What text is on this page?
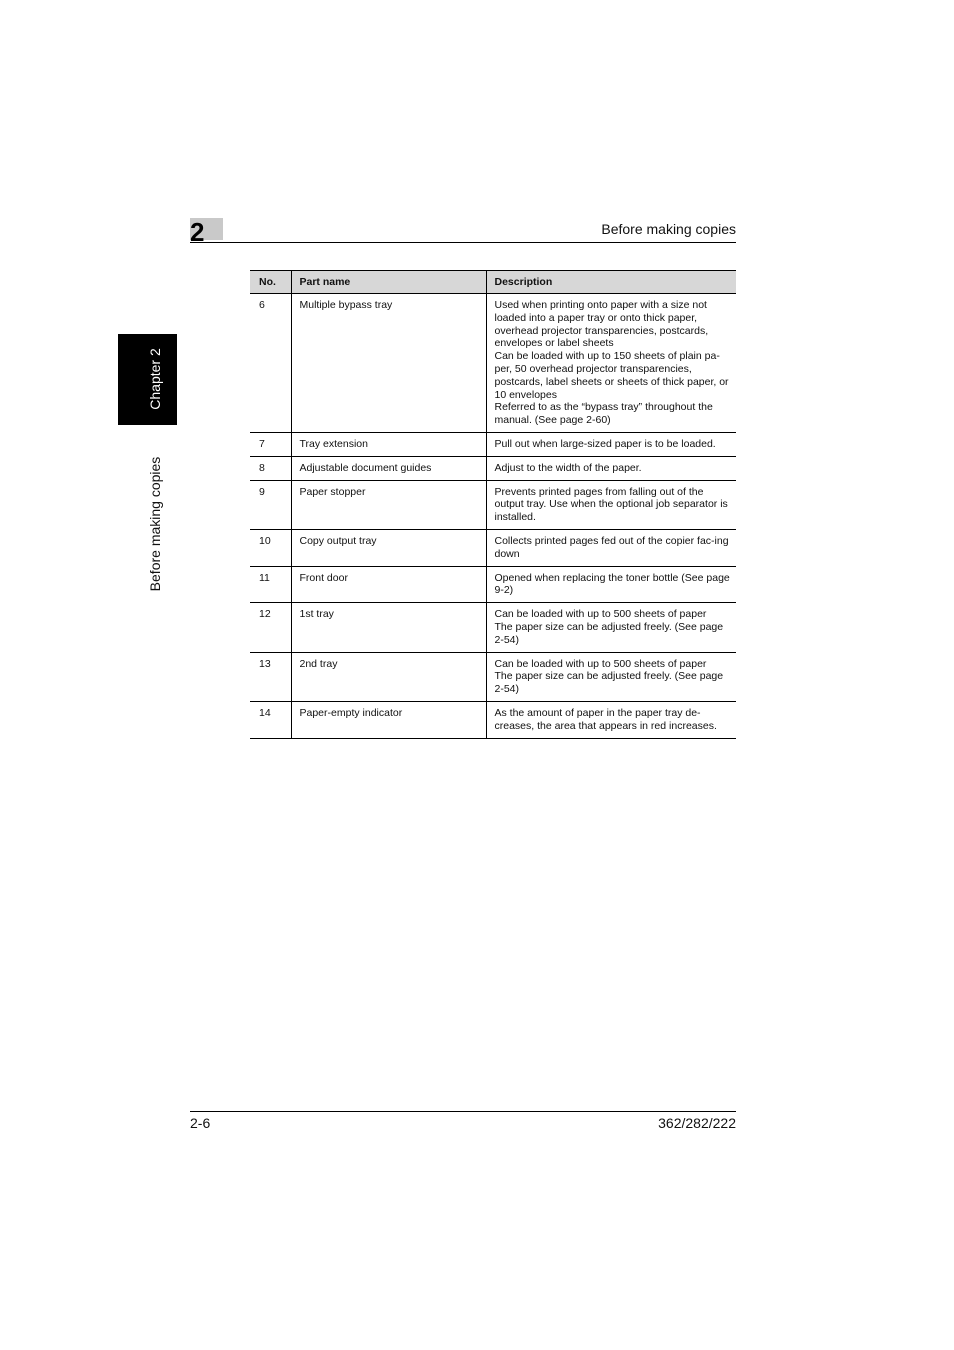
2	Before making copies
Chapter 2
Before making copies
No.	Part name	Description
6	Multiple bypass tray	Used when printing onto paper with a size not loaded into a paper tray or onto thick paper, overhead projector transparencies, postcards, envelopes or label sheets
Can be loaded with up to 150 sheets of plain pa-per, 50 overhead projector transparencies, postcards, label sheets or sheets of thick paper, or 10 envelopes
Referred to as the “bypass tray” throughout the manual. (See page 2-60)

7	Tray extension	Pull out when large-sized paper is to be loaded.

8	Adjustable document guides	Adjust to the width of the paper.

9	Paper stopper	Prevents printed pages from falling out of the output tray. Use when the optional job separator is installed.

10	Copy output tray	Collects printed pages fed out of the copier fac-ing down

11	Front door	Opened when replacing the toner bottle (See page 9-2)

12	1st tray	Can be loaded with up to 500 sheets of paper
The paper size can be adjusted freely. (See page 2-54)

13	2nd tray	Can be loaded with up to 500 sheets of paper
The paper size can be adjusted freely. (See page 2-54)

14	Paper-empty indicator	As the amount of paper in the paper tray de-creases, the area that appears in red increases.
2-6	362/282/222
